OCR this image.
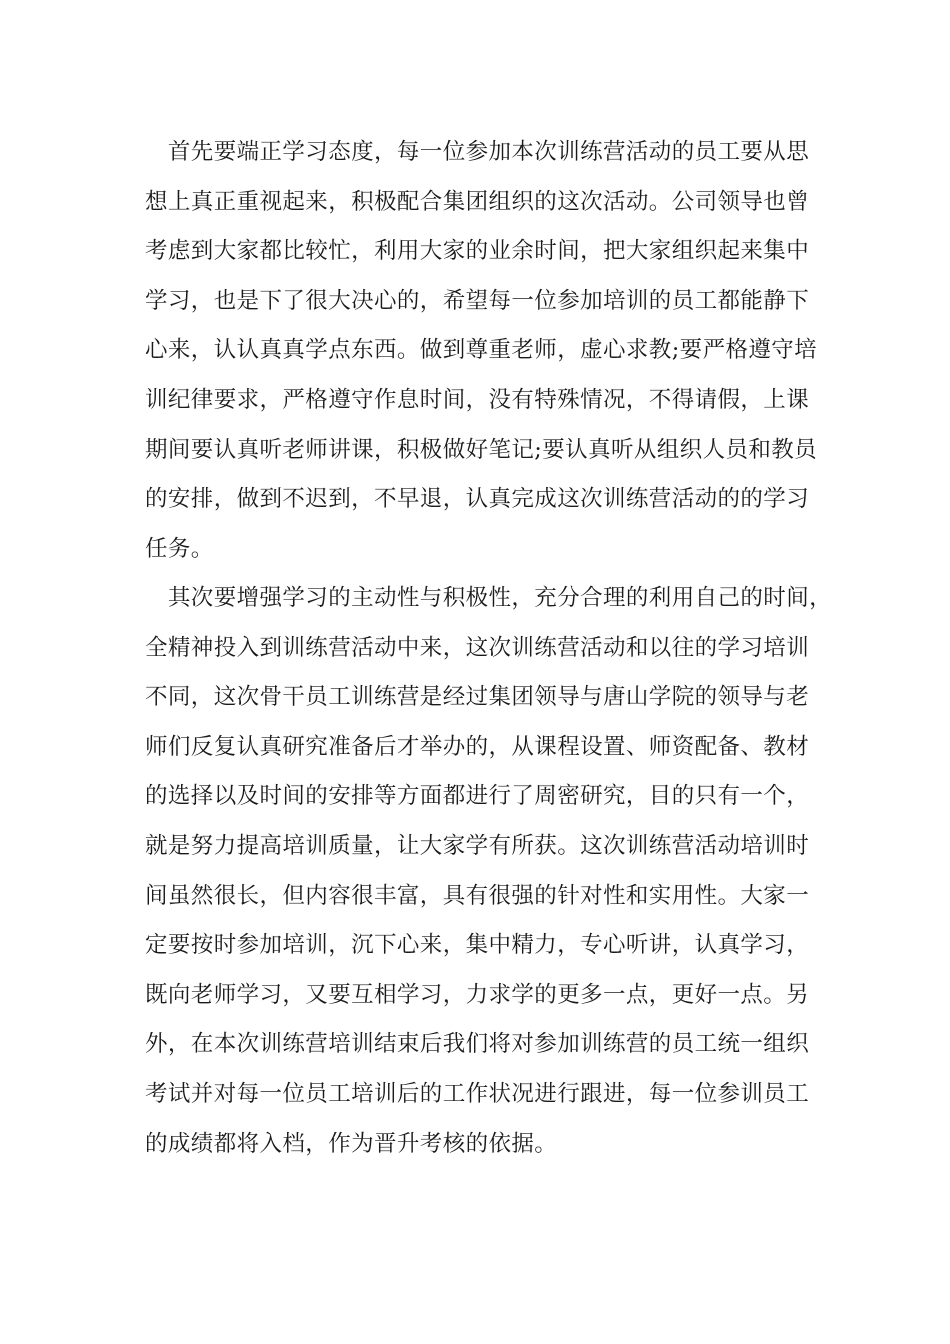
　首先要端正学习态度，每一位参加本次训练营活动的员工要从思
想上真正重视起来，积极配合集团组织的这次活动。公司领导也曾
考虑到大家都比较忙，利用大家的业余时间，把大家组织起来集中
学习，也是下了很大决心的，希望每一位参加培训的员工都能静下
心来，认认真真学点东西。做到尊重老师，虚心求教;要严格遵守培
训纪律要求，严格遵守作息时间，没有特殊情况，不得请假，上课
期间要认真听老师讲课，积极做好笔记;要认真听从组织人员和教员
的安排，做到不迟到，不早退，认真完成这次训练营活动的的学习
任务。
　其次要增强学习的主动性与积极性，充分合理的利用自己的时间，
全精神投入到训练营活动中来，这次训练营活动和以往的学习培训
不同，这次骨干员工训练营是经过集团领导与唐山学院的领导与老
师们反复认真研究准备后才举办的，从课程设置、师资配备、教材
的选择以及时间的安排等方面都进行了周密研究，目的只有一个，
就是努力提高培训质量，让大家学有所获。这次训练营活动培训时
间虽然很长，但内容很丰富，具有很强的针对性和实用性。大家一
定要按时参加培训，沉下心来，集中精力，专心听讲，认真学习，
既向老师学习，又要互相学习，力求学的更多一点，更好一点。另
外，在本次训练营培训结束后我们将对参加训练营的员工统一组织
考试并对每一位员工培训后的工作状况进行跟进，每一位参训员工
的成绩都将入档，作为晋升考核的依据。
